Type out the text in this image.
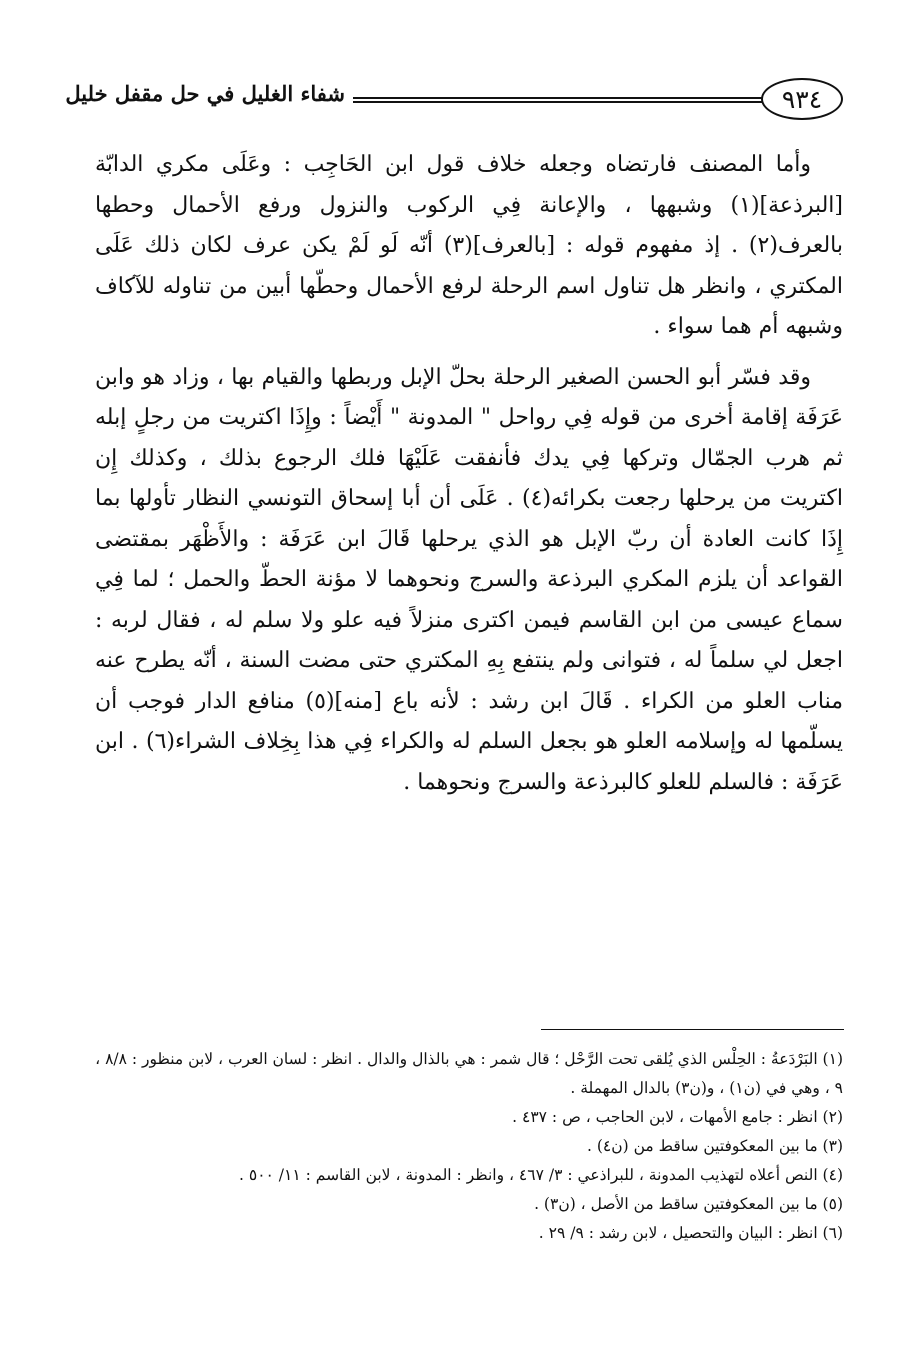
٩٣٤
شفاء الغليل في حل مقفل خليل

وأما المصنف فارتضاه وجعله خلاف قول ابن الحَاجِب : وعَلَى مكري الدابّة [البرذعة](١) وشبهها ، والإعانة فِي الركوب والنزول ورفع الأحمال وحطها بالعرف(٢) . إذ مفهوم قوله : [بالعرف](٣) أنّه لَو لَمْ يكن عرف لكان ذلك عَلَى المكتري ، وانظر هل تناول اسم الرحلة لرفع الأحمال وحطّها أبين من تناوله للآكاف وشبهه أم هما سواء .

وقد فسّر أبو الحسن الصغير الرحلة بحلّ الإبل وربطها والقيام بها ، وزاد هو وابن عَرَفَة إقامة أخرى من قوله فِي رواحل " المدونة " أَيْضاً : وإِذَا اكتريت من رجلٍ إبله ثم هرب الجمّال وتركها فِي يدك فأنفقت عَلَيْهَا فلك الرجوع بذلك ، وكذلك إِن اكتريت من يرحلها رجعت بكرائه(٤) . عَلَى أن أبا إسحاق التونسي النظار تأولها بما إِذَا كانت العادة أن ربّ الإبل هو الذي يرحلها قَالَ ابن عَرَفَة : والأَظْهَر بمقتضى القواعد أن يلزم المكري البرذعة والسرج ونحوهما لا مؤنة الحطّ والحمل ؛ لما فِي سماع عيسى من ابن القاسم فيمن اكترى منزلاً فيه علو ولا سلم له ، فقال لربه : اجعل لي سلماً له ، فتوانى ولم ينتفع بِهِ المكتري حتى مضت السنة ، أنّه يطرح عنه مناب العلو من الكراء . قَالَ ابن رشد : لأنه باع [منه](٥) منافع الدار فوجب أن يسلّمها له وإسلامه العلو هو بجعل السلم له والكراء فِي هذا بِخِلاف الشراء(٦) . ابن عَرَفَة : فالسلم للعلو كالبرذعة والسرج ونحوهما .

(١) البَرْدَعةُ : الحِلْس الذي يُلقى تحت الرَّحْل ؛ قال شمر : هي بالذال والدال . انظر : لسان العرب ، لابن منظور : ٨/٨ ، ٩ ، وهي في (ن١) ، و(ن٣) بالدال المهملة .
(٢) انظر : جامع الأمهات ، لابن الحاجب ، ص : ٤٣٧ .
(٣) ما بين المعكوفتين ساقط من (ن٤) .
(٤) النص أعلاه لتهذيب المدونة ، للبراذعي : ٣/ ٤٦٧ ، وانظر : المدونة ، لابن القاسم : ١١/ ٥٠٠ .
(٥) ما بين المعكوفتين ساقط من الأصل ، (ن٣) .
(٦) انظر : البيان والتحصيل ، لابن رشد : ٩/ ٢٩ .
